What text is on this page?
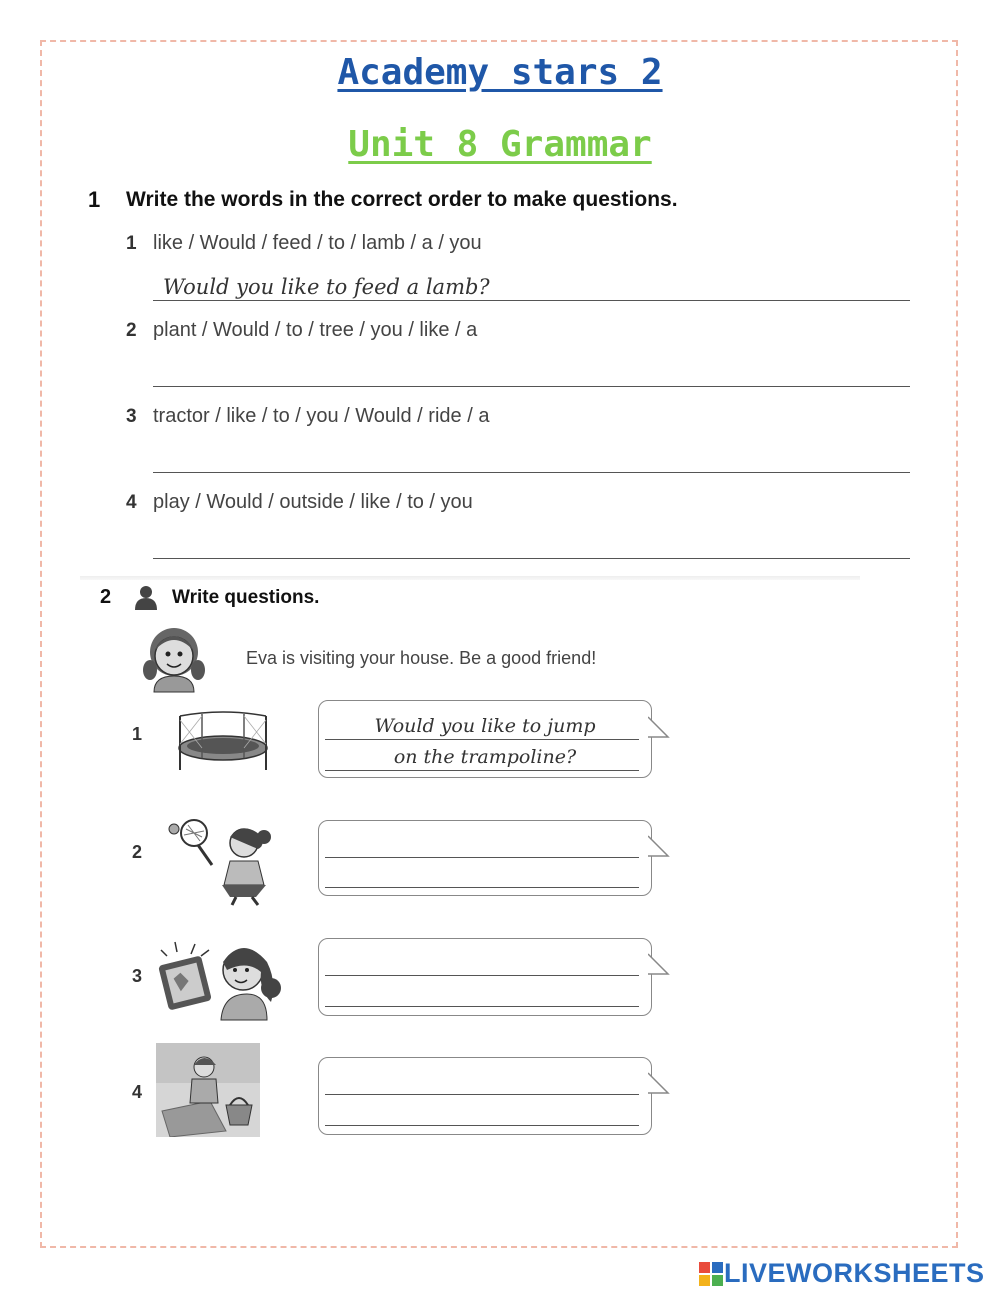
Academy stars 2
Unit 8 Grammar
1 Write the words in the correct order to make questions.
1 like / Would / feed / to / lamb / a / you
Would you like to feed a lamb?
2 plant / Would / to / tree / you / like / a
3 tractor / like / to / you / Would / ride / a
4 play / Would / outside / like / to / you
2	Write questions.
Eva is visiting your house. Be a good friend!
1	Would you like to jump
on the trampoline?
2
3
4
LIVEWORKSHEETS
